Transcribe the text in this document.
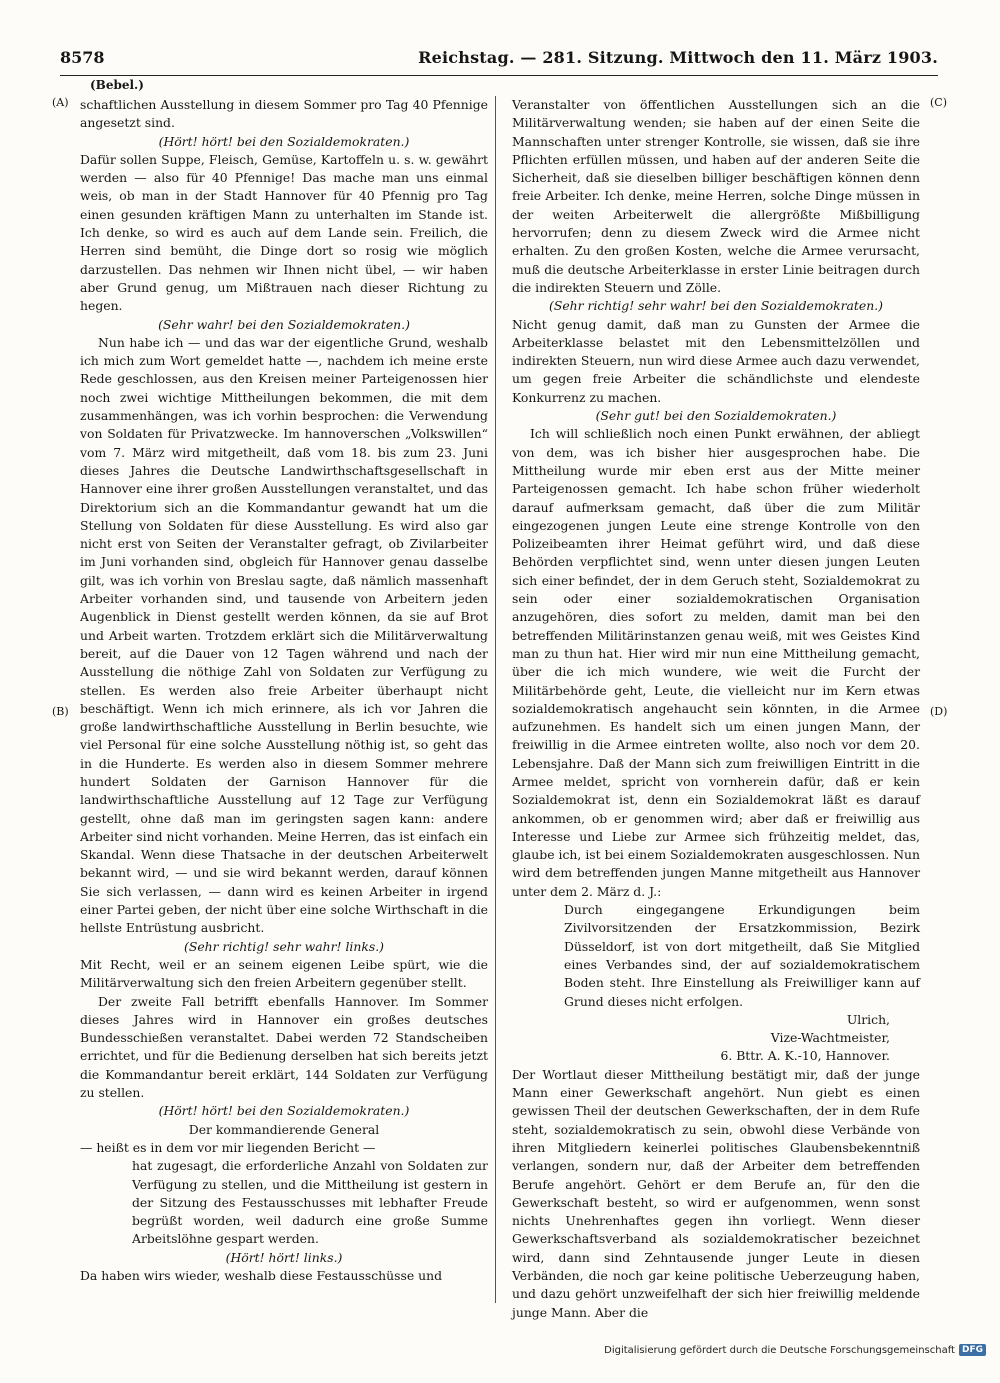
8578	Reichstag. — 281. Sitzung. Mittwoch den 11. März 1903.
(Bebel.)
(A)
(B)
(C)
(D)

schaftlichen Ausstellung in diesem Sommer pro Tag 40 Pfennige angesetzt sind.

(Hört! hört! bei den Sozialdemokraten.)

Dafür sollen Suppe, Fleisch, Gemüse, Kartoffeln u. s. w. gewährt werden — also für 40 Pfennige! Das mache man uns einmal weis, ob man in der Stadt Hannover für 40 Pfennig pro Tag einen gesunden kräftigen Mann zu unterhalten im Stande ist. Ich denke, so wird es auch auf dem Lande sein. Freilich, die Herren sind bemüht, die Dinge dort so rosig wie möglich darzustellen. Das nehmen wir Ihnen nicht übel, — wir haben aber Grund genug, um Mißtrauen nach dieser Richtung zu hegen.

(Sehr wahr! bei den Sozialdemokraten.)

Nun habe ich — und das war der eigentliche Grund, weshalb ich mich zum Wort gemeldet hatte —, nachdem ich meine erste Rede geschlossen, aus den Kreisen meiner Parteigenossen hier noch zwei wichtige Mittheilungen bekommen, die mit dem zusammenhängen, was ich vorhin besprochen: die Verwendung von Soldaten für Privatzwecke. Im hannoverschen „Volkswillen“ vom 7. März wird mitgetheilt, daß vom 18. bis zum 23. Juni dieses Jahres die Deutsche Landwirthschaftsgesellschaft in Hannover eine ihrer großen Ausstellungen veranstaltet, und das Direktorium sich an die Kommandantur gewandt hat um die Stellung von Soldaten für diese Ausstellung. Es wird also gar nicht erst von Seiten der Veranstalter gefragt, ob Zivilarbeiter im Juni vorhanden sind, obgleich für Hannover genau dasselbe gilt, was ich vorhin von Breslau sagte, daß nämlich massenhaft Arbeiter vorhanden sind, und tausende von Arbeitern jeden Augenblick in Dienst gestellt werden können, da sie auf Brot und Arbeit warten. Trotzdem erklärt sich die Militärverwaltung bereit, auf die Dauer von 12 Tagen während und nach der Ausstellung die nöthige Zahl von Soldaten zur Verfügung zu stellen. Es werden also freie Arbeiter überhaupt nicht beschäftigt. Wenn ich mich erinnere, als ich vor Jahren die große landwirthschaftliche Ausstellung in Berlin besuchte, wie viel Personal für eine solche Ausstellung nöthig ist, so geht das in die Hunderte. Es werden also in diesem Sommer mehrere hundert Soldaten der Garnison Hannover für die landwirthschaftliche Ausstellung auf 12 Tage zur Verfügung gestellt, ohne daß man im geringsten sagen kann: andere Arbeiter sind nicht vorhanden. Meine Herren, das ist einfach ein Skandal. Wenn diese Thatsache in der deutschen Arbeiterwelt bekannt wird, — und sie wird bekannt werden, darauf können Sie sich verlassen, — dann wird es keinen Arbeiter in irgend einer Partei geben, der nicht über eine solche Wirthschaft in die hellste Entrüstung ausbricht.

(Sehr richtig! sehr wahr! links.)

Mit Recht, weil er an seinem eigenen Leibe spürt, wie die Militärverwaltung sich den freien Arbeitern gegenüber stellt.

Der zweite Fall betrifft ebenfalls Hannover. Im Sommer dieses Jahres wird in Hannover ein großes deutsches Bundesschießen veranstaltet. Dabei werden 72 Standscheiben errichtet, und für die Bedienung derselben hat sich bereits jetzt die Kommandantur bereit erklärt, 144 Soldaten zur Verfügung zu stellen.

(Hört! hört! bei den Sozialdemokraten.)

Der kommandierende General

— heißt es in dem vor mir liegenden Bericht —

hat zugesagt, die erforderliche Anzahl von Soldaten zur Verfügung zu stellen, und die Mittheilung ist gestern in der Sitzung des Festausschusses mit lebhafter Freude begrüßt worden, weil dadurch eine große Summe Arbeitslöhne gespart werden.

(Hört! hört! links.)

Da haben wirs wieder, weshalb diese Festausschüsse und

Veranstalter von öffentlichen Ausstellungen sich an die Militärverwaltung wenden; sie haben auf der einen Seite die Mannschaften unter strenger Kontrolle, sie wissen, daß sie ihre Pflichten erfüllen müssen, und haben auf der anderen Seite die Sicherheit, daß sie dieselben billiger beschäftigen können denn freie Arbeiter. Ich denke, meine Herren, solche Dinge müssen in der weiten Arbeiterwelt die allergrößte Mißbilligung hervorrufen; denn zu diesem Zweck wird die Armee nicht erhalten. Zu den großen Kosten, welche die Armee verursacht, muß die deutsche Arbeiterklasse in erster Linie beitragen durch die indirekten Steuern und Zölle.

(Sehr richtig! sehr wahr! bei den Sozialdemokraten.)

Nicht genug damit, daß man zu Gunsten der Armee die Arbeiterklasse belastet mit den Lebensmittelzöllen und indirekten Steuern, nun wird diese Armee auch dazu verwendet, um gegen freie Arbeiter die schändlichste und elendeste Konkurrenz zu machen.

(Sehr gut! bei den Sozialdemokraten.)

Ich will schließlich noch einen Punkt erwähnen, der abliegt von dem, was ich bisher hier ausgesprochen habe. Die Mittheilung wurde mir eben erst aus der Mitte meiner Parteigenossen gemacht. Ich habe schon früher wiederholt darauf aufmerksam gemacht, daß über die zum Militär eingezogenen jungen Leute eine strenge Kontrolle von den Polizeibeamten ihrer Heimat geführt wird, und daß diese Behörden verpflichtet sind, wenn unter diesen jungen Leuten sich einer befindet, der in dem Geruch steht, Sozialdemokrat zu sein oder einer sozialdemokratischen Organisation anzugehören, dies sofort zu melden, damit man bei den betreffenden Militärinstanzen genau weiß, mit wes Geistes Kind man zu thun hat. Hier wird mir nun eine Mittheilung gemacht, über die ich mich wundere, wie weit die Furcht der Militärbehörde geht, Leute, die vielleicht nur im Kern etwas sozialdemokratisch angehaucht sein könnten, in die Armee aufzunehmen. Es handelt sich um einen jungen Mann, der freiwillig in die Armee eintreten wollte, also noch vor dem 20. Lebensjahre. Daß der Mann sich zum freiwilligen Eintritt in die Armee meldet, spricht von vornherein dafür, daß er kein Sozialdemokrat ist, denn ein Sozialdemokrat läßt es darauf ankommen, ob er genommen wird; aber daß er freiwillig aus Interesse und Liebe zur Armee sich frühzeitig meldet, das, glaube ich, ist bei einem Sozialdemokraten ausgeschlossen. Nun wird dem betreffenden jungen Manne mitgetheilt aus Hannover unter dem 2. März d. J.:

Durch eingegangene Erkundigungen beim Zivilvorsitzenden der Ersatzkommission, Bezirk Düsseldorf, ist von dort mitgetheilt, daß Sie Mitglied eines Verbandes sind, der auf sozialdemokratischem Boden steht. Ihre Einstellung als Freiwilliger kann auf Grund dieses nicht erfolgen.

Ulrich,

Vize-Wachtmeister,

6. Bttr. A. K.-10, Hannover.

Der Wortlaut dieser Mittheilung bestätigt mir, daß der junge Mann einer Gewerkschaft angehört. Nun giebt es einen gewissen Theil der deutschen Gewerkschaften, der in dem Rufe steht, sozialdemokratisch zu sein, obwohl diese Verbände von ihren Mitgliedern keinerlei politisches Glaubensbekenntniß verlangen, sondern nur, daß der Arbeiter dem betreffenden Berufe angehört. Gehört er dem Berufe an, für den die Gewerkschaft besteht, so wird er aufgenommen, wenn sonst nichts Unehrenhaftes gegen ihn vorliegt. Wenn dieser Gewerkschaftsverband als sozialdemokratischer bezeichnet wird, dann sind Zehntausende junger Leute in diesen Verbänden, die noch gar keine politische Ueberzeugung haben, und dazu gehört unzweifelhaft der sich hier freiwillig meldende junge Mann. Aber die

Digitalisierung gefördert durch die Deutsche Forschungsgemeinschaft DFG
